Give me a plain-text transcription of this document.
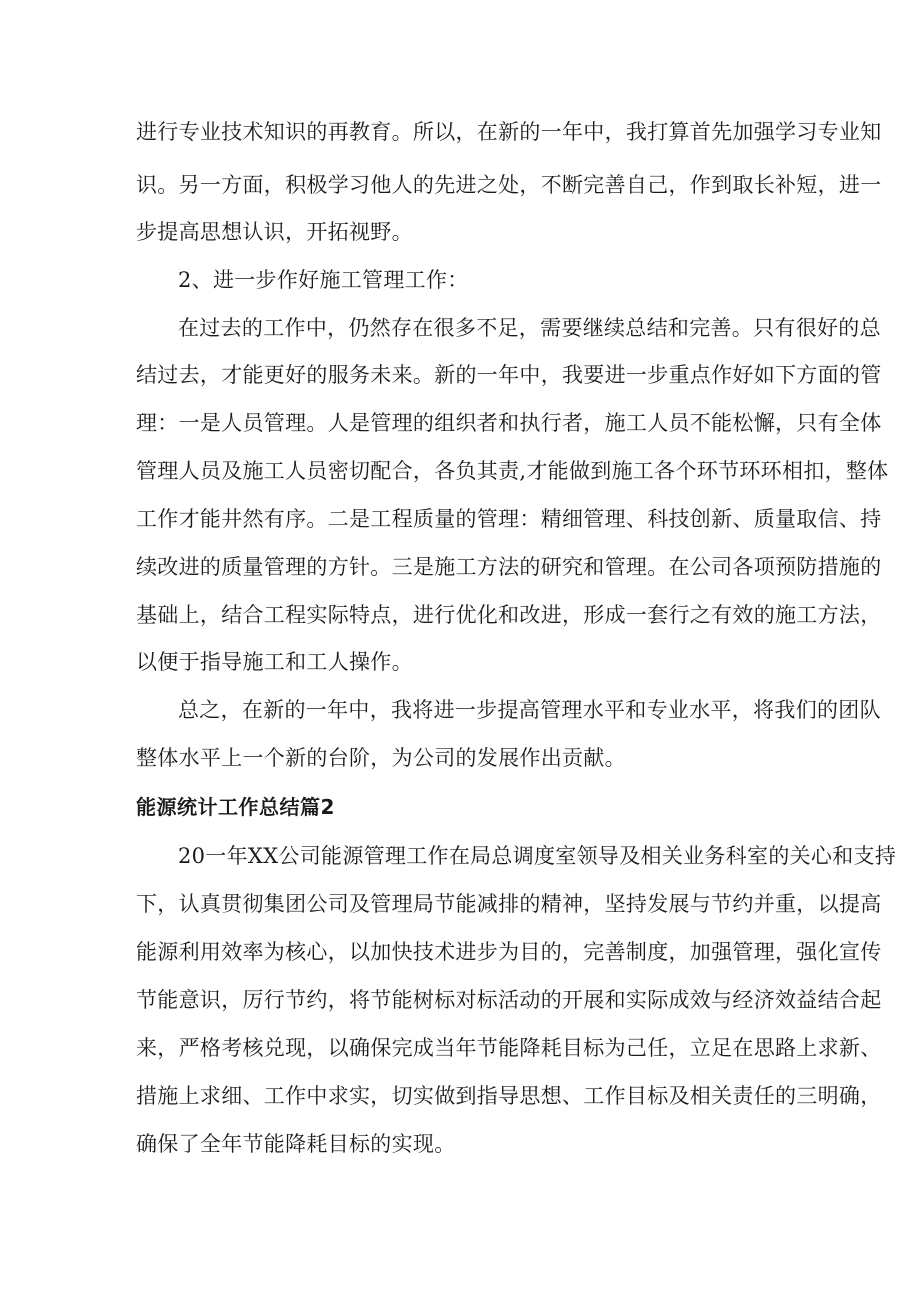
进行专业技术知识的再教育。所以，在新的一年中，我打算首先加强学习专业知
识。另一方面，积极学习他人的先进之处，不断完善自己，作到取长补短，进一
步提高思想认识，开拓视野。
2、进一步作好施工管理工作：
在过去的工作中，仍然存在很多不足，需要继续总结和完善。只有很好的总
结过去，才能更好的服务未来。新的一年中，我要进一步重点作好如下方面的管
理：一是人员管理。人是管理的组织者和执行者，施工人员不能松懈，只有全体
管理人员及施工人员密切配合，各负其责,才能做到施工各个环节环环相扣，整体
工作才能井然有序。二是工程质量的管理：精细管理、科技创新、质量取信、持
续改进的质量管理的方针。三是施工方法的研究和管理。在公司各项预防措施的
基础上，结合工程实际特点，进行优化和改进，形成一套行之有效的施工方法，
以便于指导施工和工人操作。
总之，在新的一年中，我将进一步提高管理水平和专业水平，将我们的团队
整体水平上一个新的台阶，为公司的发展作出贡献。
能源统计工作总结篇2
20一年XX公司能源管理工作在局总调度室领导及相关业务科室的关心和支持
下，认真贯彻集团公司及管理局节能减排的精神，坚持发展与节约并重，以提高
能源利用效率为核心，以加快技术进步为目的，完善制度，加强管理，强化宣传
节能意识，厉行节约，将节能树标对标活动的开展和实际成效与经济效益结合起
来，严格考核兑现，以确保完成当年节能降耗目标为己任，立足在思路上求新、
措施上求细、工作中求实，切实做到指导思想、工作目标及相关责任的三明确，
确保了全年节能降耗目标的实现。
